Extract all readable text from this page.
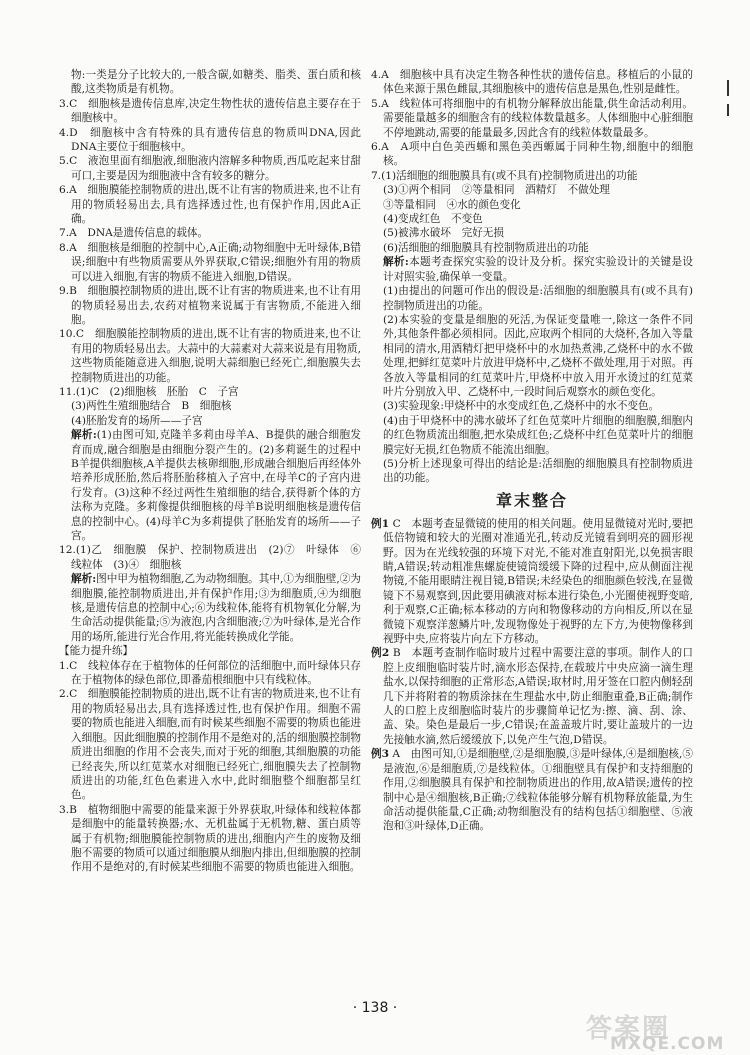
物:一类是分子比较大的,一般含碳,如糖类、脂类、蛋白质和核酸,这类物质是有机物。

3.C　细胞核是遗传信息库,决定生物性状的遗传信息主要存在于细胞核中。

4.D　细胞核中含有特殊的具有遗传信息的物质叫DNA,因此DNA主要位于细胞核中。

5.C　液泡里面有细胞液,细胞液内溶解多种物质,西瓜吃起来甘甜可口,主要是因为细胞液中含有较多的糖分。

6.A　细胞膜能控制物质的进出,既不让有害的物质进来,也不让有用的物质轻易出去,具有选择透过性,也有保护作用,因此A正确。

7.A　DNA是遗传信息的载体。

8.A　细胞核是细胞的控制中心,A正确;动物细胞中无叶绿体,B错误;细胞中有些物质需要从外界获取,C错误;细胞外有用的物质可以进入细胞,有害的物质不能进入细胞,D错误。

9.B　细胞膜控制物质的进出,既不让有害的物质进来,也不让有用的物质轻易出去,农药对植物来说属于有害物质,不能进入细胞。

10.C　细胞膜能控制物质的进出,既不让有害的物质进来,也不让有用的物质轻易出去。大蒜中的大蒜素对大蒜来说是有用物质,这些物质能随意进入细胞,说明大蒜细胞已经死亡,细胞膜失去控制物质进出的功能。

11.(1)C　(2)细胞核　胚胎　C　子宫

(3)两性生殖细胞结合　B　细胞核

(4)胚胎发育的场所——子宫

解析:(1)由图可知,克隆羊多莉由母羊A、B提供的融合细胞发育而成,融合细胞是由细胞分裂产生的。(2)多莉诞生的过程中B羊提供细胞核,A羊提供去核卵细胞,形成融合细胞后再经体外培养形成胚胎,然后将胚胎移植入子宫中,在母羊C的子宫内进行发育。(3)这种不经过两性生殖细胞的结合,获得新个体的方法称为克隆。多莉像提供细胞核的母羊B说明细胞核是遗传信息的控制中心。(4)母羊C为多莉提供了胚胎发育的场所——子宫。

12.(1)乙　细胞膜　保护、控制物质进出　(2)⑦　叶绿体　⑥　线粒体　(3)④　细胞核

解析:图中甲为植物细胞,乙为动物细胞。其中,①为细胞壁,②为细胞膜,能控制物质进出,并有保护作用;③为细胞质,④为细胞核,是遗传信息的控制中心;⑥为线粒体,能将有机物氧化分解,为生命活动提供能量;⑤为液泡,内含细胞液;⑦为叶绿体,是光合作用的场所,能进行光合作用,将光能转换成化学能。

【能力提升练】

1.C　线粒体存在于植物体的任何部位的活细胞中,而叶绿体只存在于植物体的绿色部位,即番茄根细胞中只有线粒体。

2.C　细胞膜能控制物质的进出,既不让有害的物质进来,也不让有用的物质轻易出去,具有选择透过性,也有保护作用。细胞不需要的物质也能进入细胞,而有时候某些细胞不需要的物质也能进入细胞。因此细胞膜的控制作用不是绝对的,活的细胞膜控制物质进出细胞的作用不会丧失,而对于死的细胞,其细胞膜的功能已经丧失,所以红苋菜水对细胞已经死亡,细胞膜失去了控制物质进出的功能,红色色素进入水中,此时细胞整个细胞都呈红色。

3.B　植物细胞中需要的能量来源于外界获取,叶绿体和线粒体都是细胞中的能量转换器;水、无机盐属于无机物,糖、蛋白质等属于有机物;细胞膜能控制物质的进出,细胞内产生的废物及细胞不需要的物质可以通过细胞膜从细胞内排出,但细胞膜的控制作用不是绝对的,有时候某些细胞不需要的物质也能进入细胞。

4.A　细胞核中具有决定生物各种性状的遗传信息。移植后的小鼠的体色来源于黑色雌鼠,其细胞核中的遗传信息是黑色,性别是雌性。

5.A　线粒体可将细胞中的有机物分解释放出能量,供生命活动利用。需要能量越多的细胞含有的线粒体数量越多。人体细胞中心脏细胞不停地跳动,需要的能量最多,因此含有的线粒体数量最多。

6.A　A项中白色美西螈和黑色美西螈属于同种生物,细胞中的细胞核。

7.(1)活细胞的细胞膜具有(或不具有)控制物质进出的功能

(3)①两个相同　②等量相同　酒精灯　不做处理

③等量相同　④水的颜色变化

(4)变成红色　不变色

(5)被沸水破坏　完好无损

(6)活细胞的细胞膜具有控制物质进出的功能

解析:本题考查探究实验的设计及分析。探究实验设计的关键是设计对照实验,确保单一变量。

(1)由提出的问题可作出的假设是:活细胞的细胞膜具有(或不具有)控制物质进出的功能。

(2)本实验的变量是细胞的死活,为保证变量唯一,除这一条件不同外,其他条件都必须相同。因此,应取两个相同的大烧杯,各加入等量相同的清水,用酒精灯把甲烧杯中的水加热煮沸,乙烧杯中的水不做处理,把鲜红苋菜叶片放进甲烧杯中,乙烧杯不做处理,用于对照。再各放入等量相同的红苋菜叶片,甲烧杯中放入用开水烫过的红苋菜叶片分别放入甲、乙烧杯中,一段时间后观察水的颜色变化。

(3)实验现象:甲烧杯中的水变成红色,乙烧杯中的水不变色。

(4)由于甲烧杯中的沸水破坏了红色苋菜叶片细胞的细胞膜,细胞内的红色物质流出细胞,把水染成红色;乙烧杯中红色苋菜叶片的细胞膜完好无损,红色物质不能流出细胞。

(5)分析上述现象可得出的结论是:活细胞的细胞膜具有控制物质进出的功能。

章末整合

例1 C　本题考查显微镜的使用的相关问题。使用显微镜对光时,要把低倍物镜和较大的光圈对准通光孔,转动反光镜看到明亮的圆形视野。因为在光线较强的环境下对光,不能对准直射阳光,以免损害眼睛,A错误;转动粗准焦螺旋使镜筒缓缓下降的过程中,应从侧面注视物镜,不能用眼睛注视目镜,B错误;未经染色的细胞颜色较浅,在显微镜下不易观察到,因此要用碘液对标本进行染色,小光圈使视野变暗,利于观察,C正确;标本移动的方向和物像移动的方向相反,所以在显微镜下观察洋葱鳞片叶,发现物像处于视野的左下方,为使物像移到视野中央,应将装片向左下方移动。

例2 B　本题考查制作临时玻片过程中需要注意的事项。制作人的口腔上皮细胞临时装片时,滴水形态保持,在载玻片中央应滴一滴生理盐水,以保持细胞的正常形态,A错误;取材时,用牙签在口腔内侧轻刮几下并将附着的物质涂抹在生理盐水中,防止细胞重叠,B正确;制作人的口腔上皮细胞临时装片的步骤简单记忆为:擦、滴、刮、涂、盖、染。染色是最后一步,C错误;在盖盖玻片时,要让盖玻片的一边先接触水滴,然后缓缓放下,以免产生气泡,D错误。

例3 A　由图可知,①是细胞壁,②是细胞膜,③是叶绿体,④是细胞核,⑤是液泡,⑥是细胞质,⑦是线粒体。①细胞壁具有保护和支持细胞的作用,②细胞膜具有保护和控制物质进出的作用,故A错误;遗传的控制中心是④细胞核,B正确;⑦线粒体能够分解有机物释放能量,为生命活动提供能量,C正确;动物细胞没有的结构包括①细胞壁、⑤液泡和③叶绿体,D正确。

· 138 ·
答案圈
MXQE.COM
